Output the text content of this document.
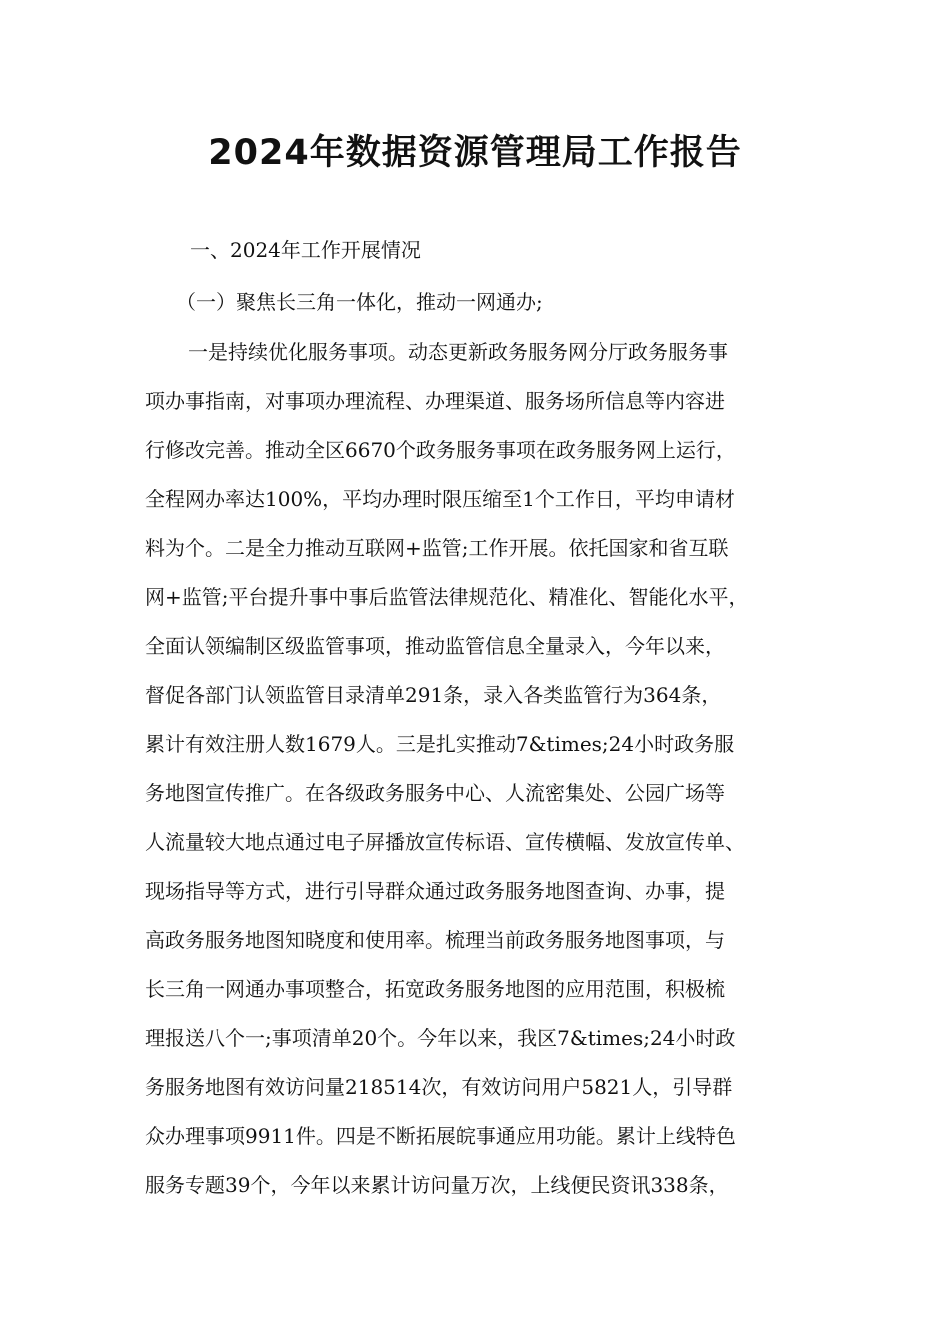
2024年数据资源管理局工作报告
一、2024年工作开展情况
（一）聚焦长三角一体化，推动一网通办;
一是持续优化服务事项。动态更新政务服务网分厅政务服务事
项办事指南，对事项办理流程、办理渠道、服务场所信息等内容进
行修改完善。推动全区6670个政务服务事项在政务服务网上运行，
全程网办率达100%，平均办理时限压缩至1个工作日，平均申请材
料为个。二是全力推动互联网+监管;工作开展。依托国家和省互联
网+监管;平台提升事中事后监管法律规范化、精准化、智能化水平，
全面认领编制区级监管事项，推动监管信息全量录入，今年以来，
督促各部门认领监管目录清单291条，录入各类监管行为364条，
累计有效注册人数1679人。三是扎实推动7&times;24小时政务服
务地图宣传推广。在各级政务服务中心、人流密集处、公园广场等
人流量较大地点通过电子屏播放宣传标语、宣传横幅、发放宣传单、
现场指导等方式，进行引导群众通过政务服务地图查询、办事，提
高政务服务地图知晓度和使用率。梳理当前政务服务地图事项，与
长三角一网通办事项整合，拓宽政务服务地图的应用范围，积极梳
理报送八个一;事项清单20个。今年以来，我区7&times;24小时政
务服务地图有效访问量218514次，有效访问用户5821人，引导群
众办理事项9911件。四是不断拓展皖事通应用功能。累计上线特色
服务专题39个，今年以来累计访问量万次，上线便民资讯338条，
